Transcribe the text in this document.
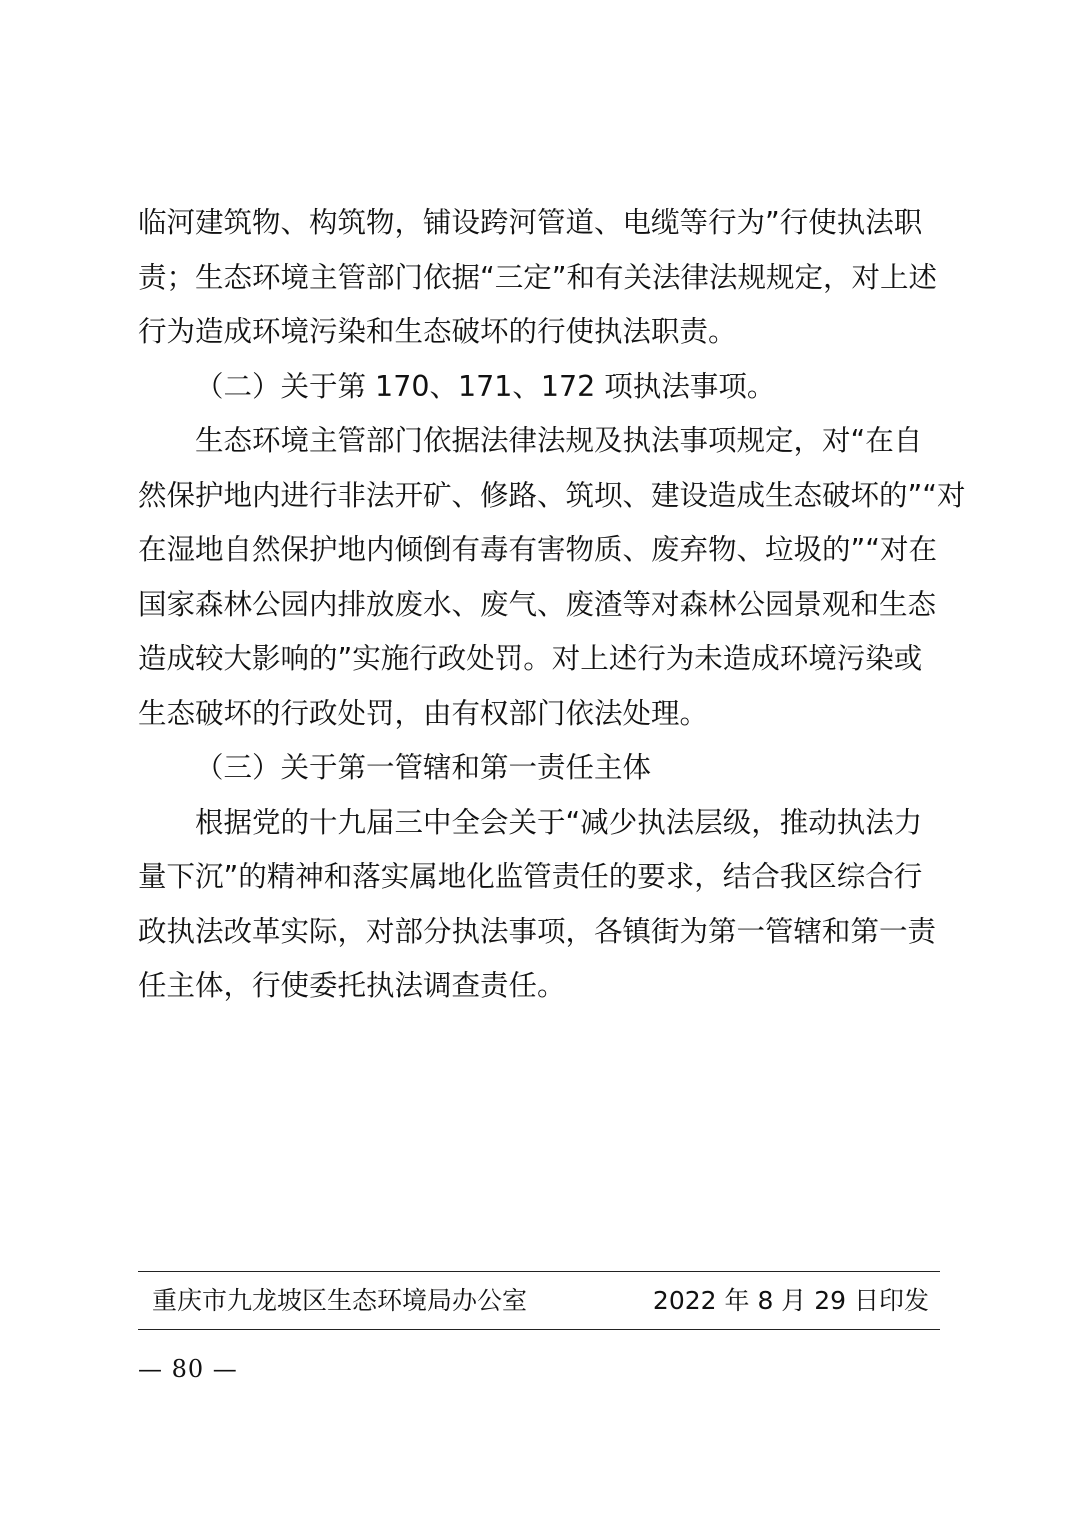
临河建筑物、构筑物，铺设跨河管道、电缆等行为”行使执法职
责；生态环境主管部门依据“三定”和有关法律法规规定，对上述
行为造成环境污染和生态破坏的行使执法职责。
（二）关于第 170、171、172 项执法事项。
生态环境主管部门依据法律法规及执法事项规定，对“在自
然保护地内进行非法开矿、修路、筑坝、建设造成生态破坏的”“对
在湿地自然保护地内倾倒有毒有害物质、废弃物、垃圾的”“对在
国家森林公园内排放废水、废气、废渣等对森林公园景观和生态
造成较大影响的”实施行政处罚。对上述行为未造成环境污染或
生态破坏的行政处罚，由有权部门依法处理。
（三）关于第一管辖和第一责任主体
根据党的十九届三中全会关于“减少执法层级，推动执法力
量下沉”的精神和落实属地化监管责任的要求，结合我区综合行
政执法改革实际，对部分执法事项，各镇街为第一管辖和第一责
任主体，行使委托执法调查责任。
重庆市九龙坡区生态环境局办公室	2022 年 8 月 29 日印发
— 80 —
